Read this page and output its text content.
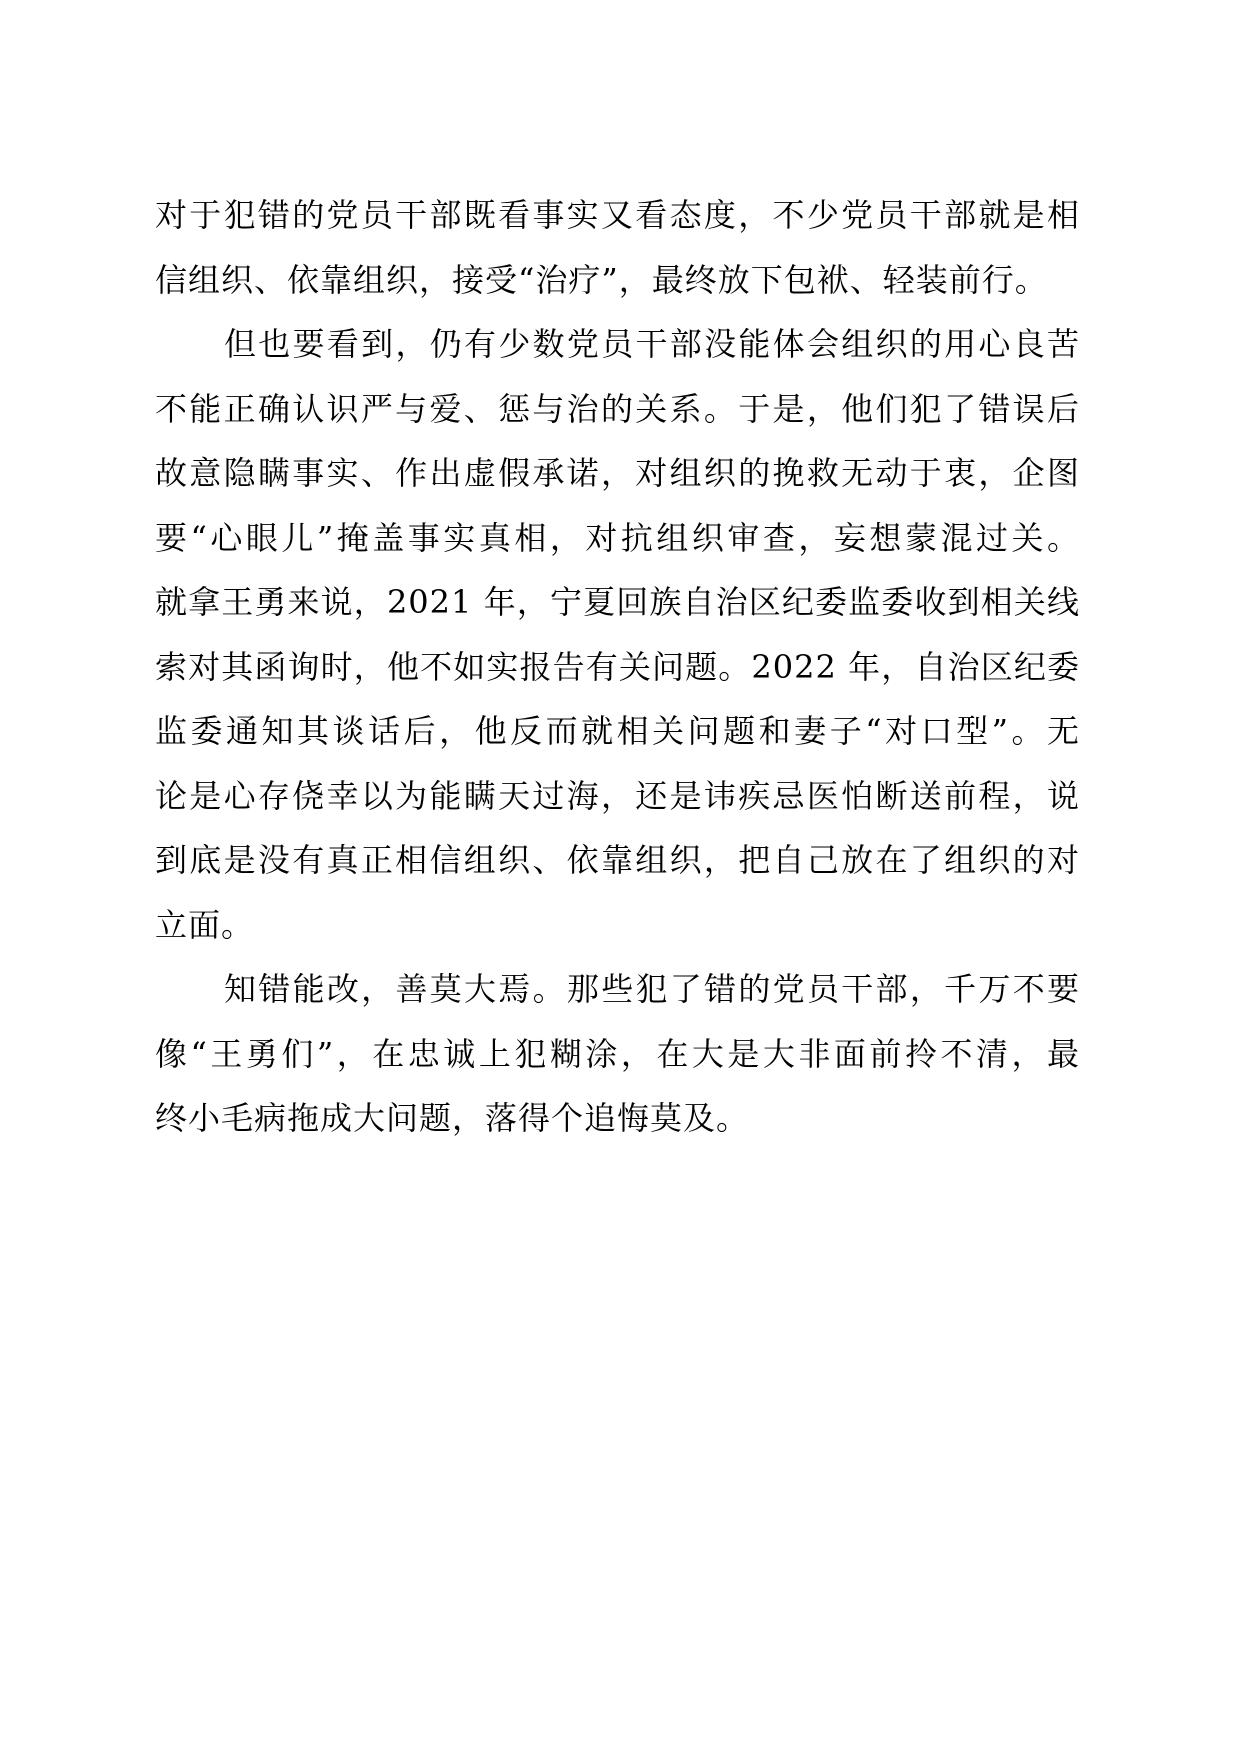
对于犯错的党员干部既看事实又看态度，不少党员干部就是相
信组织、依靠组织，接受“治疗”，最终放下包袱、轻装前行。
但也要看到，仍有少数党员干部没能体会组织的用心良苦
不能正确认识严与爱、惩与治的关系。于是，他们犯了错误后
故意隐瞒事实、作出虚假承诺，对组织的挽救无动于衷，企图
要“心眼儿”掩盖事实真相，对抗组织审查，妄想蒙混过关。
就拿王勇来说，2021 年，宁夏回族自治区纪委监委收到相关线
索对其函询时，他不如实报告有关问题。2022 年，自治区纪委
监委通知其谈话后，他反而就相关问题和妻子“对口型”。无
论是心存侥幸以为能瞒天过海，还是讳疾忌医怕断送前程，说
到底是没有真正相信组织、依靠组织，把自己放在了组织的对
立面。
知错能改，善莫大焉。那些犯了错的党员干部，千万不要
像“王勇们”，在忠诚上犯糊涂，在大是大非面前拎不清，最
终小毛病拖成大问题，落得个追悔莫及。
